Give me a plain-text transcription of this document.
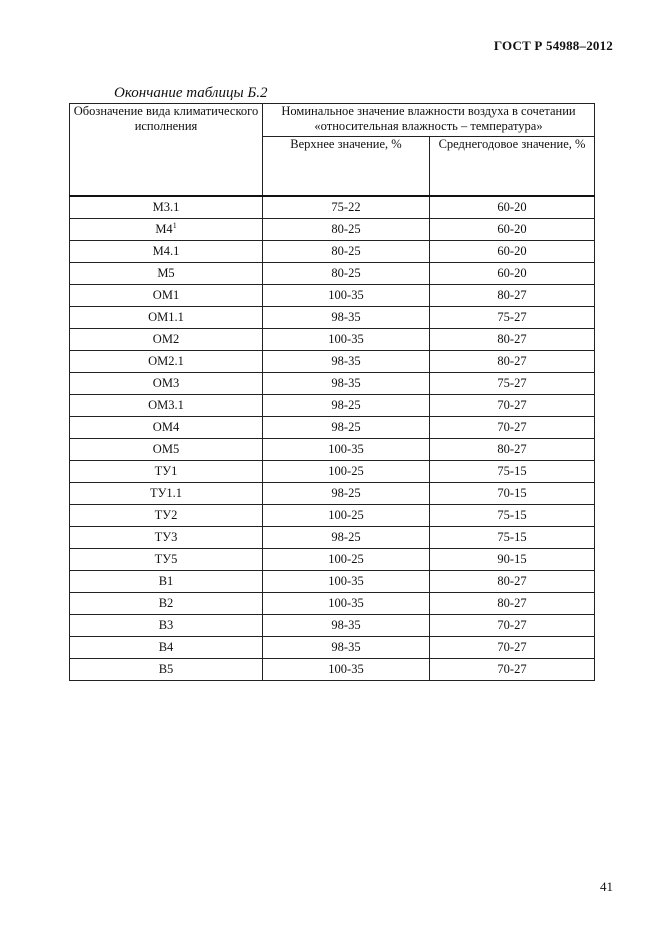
ГОСТ Р 54988–2012
Окончание таблицы Б.2
Обозначение вида климатического исполнения	Номинальное значение влажности воздуха в сочетании «относительная влажность – температура»	
	Верхнее значение, %	Среднегодовое значение, %
М3.1	75-22	60-20
$М4^1$	80-25	60-20
М4.1	80-25	60-20
М5	80-25	60-20
ОМ1	100-35	80-27
ОМ1.1	98-35	75-27
ОМ2	100-35	80-27
ОМ2.1	98-35	80-27
ОМ3	98-35	75-27
ОМ3.1	98-25	70-27
ОМ4	98-25	70-27
ОМ5	100-35	80-27
ТУ1	100-25	75-15
ТУ1.1	98-25	70-15
ТУ2	100-25	75-15
ТУ3	98-25	75-15
ТУ5	100-25	90-15
В1	100-35	80-27
В2	100-35	80-27
В3	98-35	70-27
В4	98-35	70-27
В5	100-35	70-27
41
